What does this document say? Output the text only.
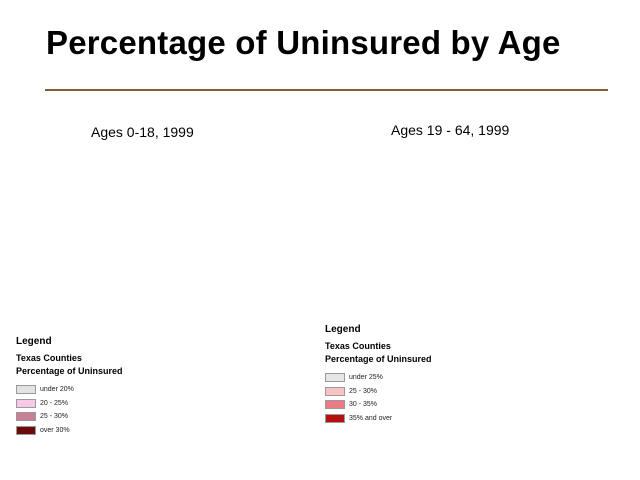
Percentage of Uninsured by Age
Ages 0-18, 1999	Ages 19 - 64, 1999
Legend
Texas Counties
Percentage of Uninsured
under 20%
20 - 25%
25 - 30%
over 30%
Legend
Texas Counties
Percentage of Uninsured
under 25%
25 - 30%
30 - 35%
35% and over
